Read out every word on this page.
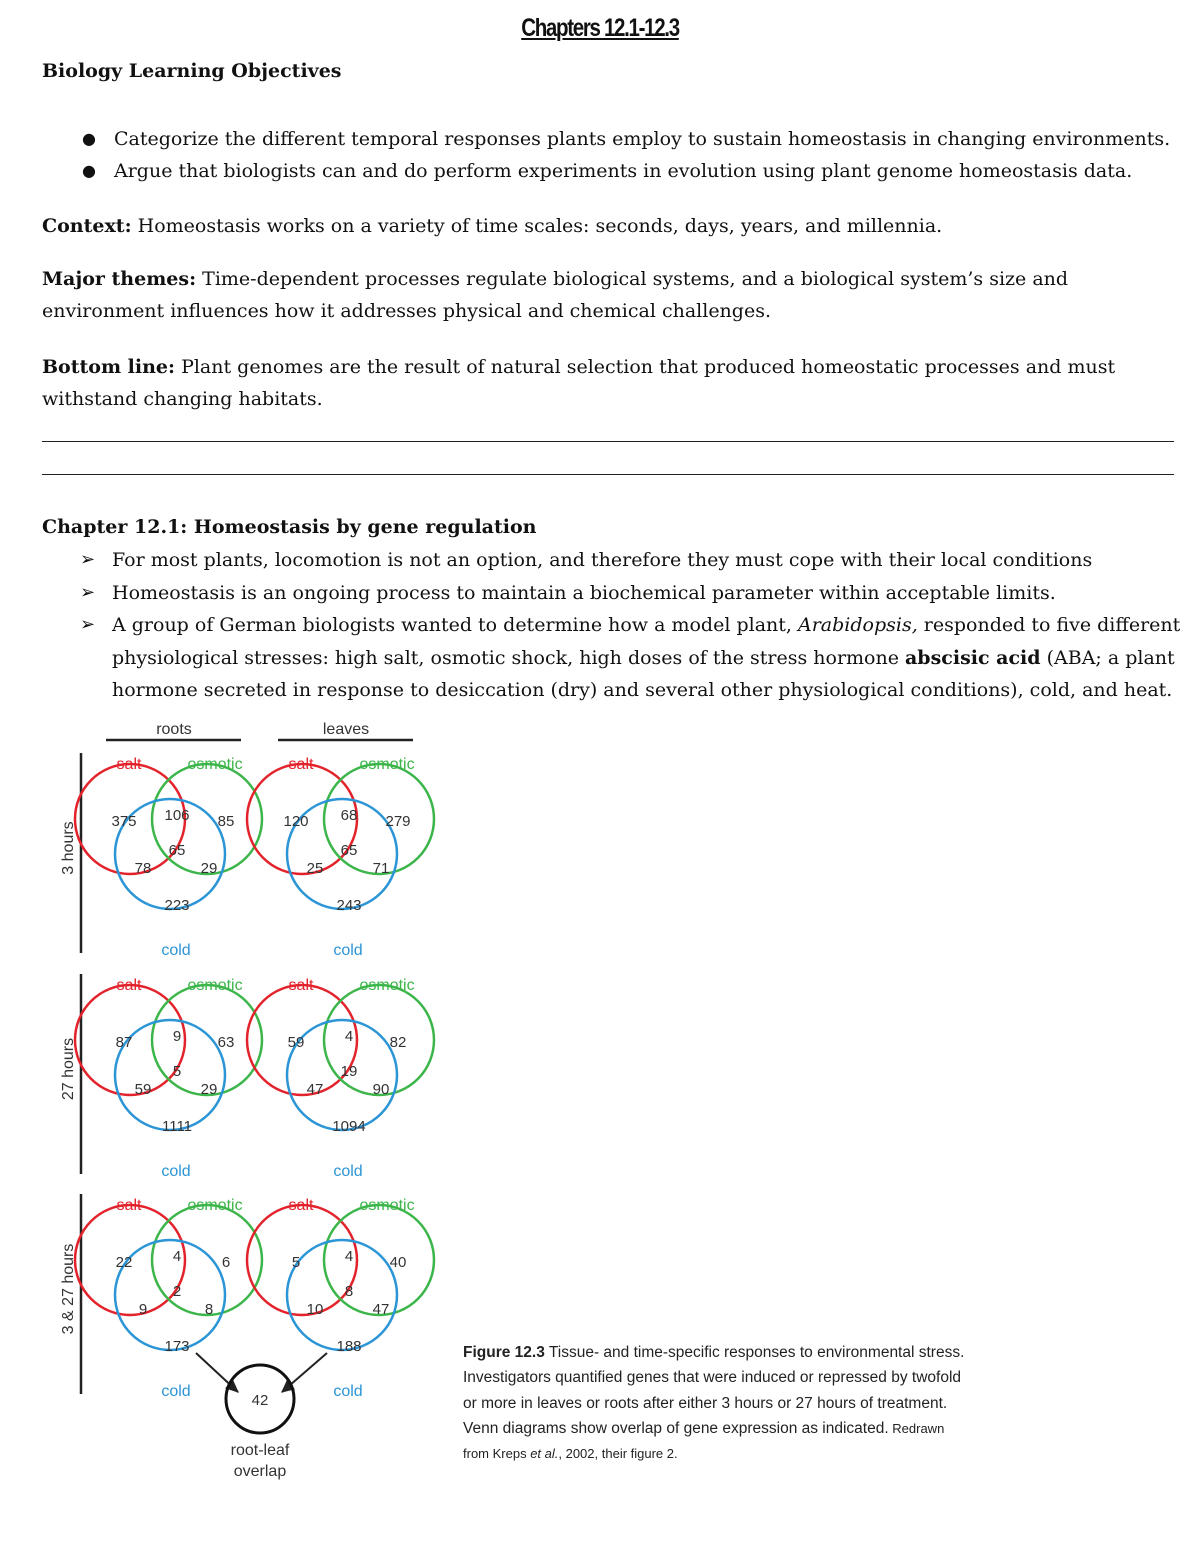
Chapters 12.1-12.3
Biology Learning Objectives
● Categorize the different temporal responses plants employ to sustain homeostasis in changing environments.
● Argue that biologists can and do perform experiments in evolution using plant genome homeostasis data.
Context: Homeostasis works on a variety of time scales: seconds, days, years, and millennia.
Major themes: Time-dependent processes regulate biological systems, and a biological system’s size and environment influences how it addresses physical and chemical challenges.
Bottom line: Plant genomes are the result of natural selection that produced homeostatic processes and must withstand changing habitats.
Chapter 12.1: Homeostasis by gene regulation
➢ For most plants, locomotion is not an option, and therefore they must cope with their local conditions
➢ Homeostasis is an ongoing process to maintain a biochemical parameter within acceptable limits.
➢ A group of German biologists wanted to determine how a model plant, Arabidopsis, responded to five different physiological stresses: high salt, osmotic shock, high doses of the stress hormone abscisic acid (ABA; a plant hormone secreted in response to desiccation (dry) and several other physiological conditions), cold, and heat.
roots	leaves
3 hours
27 hours
3 & 27 hours
salt	osmotic
cold
375 106 85
78
65
29
223
salt	osmotic
cold
120 68 279
25
65
71
243
salt	osmotic
cold
87	9 63
59
5
29
1111
salt	osmotic
cold
59	4 82
47
19
90
1094
salt	osmotic
cold
22	4	6
9
2
8
173
salt	osmotic
cold
5	4 40
10
8
47
188
42
root-leaf
overlap
Figure 12.3 Tissue- and time-specific responses to environmental stress. Investigators quantified genes that were induced or repressed by twofold or more in leaves or roots after either 3 hours or 27 hours of treatment. Venn diagrams show overlap of gene expression as indicated. Redrawn from Kreps et al., 2002, their figure 2.
